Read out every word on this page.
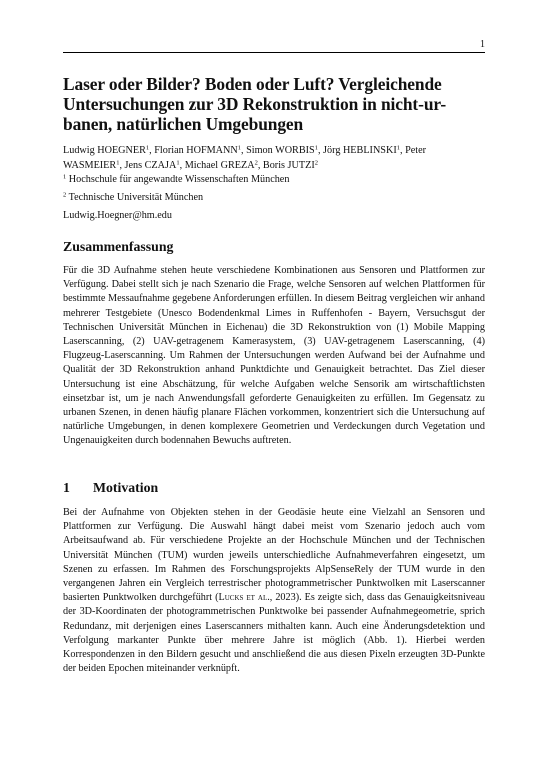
1
Laser oder Bilder? Boden oder Luft? Vergleichende Untersuchungen zur 3D Rekonstruktion in nicht-ur-banen, natürlichen Umgebungen

Ludwig HOEGNER$^1$, Florian HOFMANN$^1$, Simon WORBIS$^1$, Jörg HEBLINSKI$^1$, Peter WASMEIER$^1$, Jens CZAJA$^1$, Michael GREZA$^2$, Boris JUTZI$^2$

$^1$ Hochschule für angewandte Wissenschaften München

$^2$ Technische Universität München

Ludwig.Hoegner@hm.edu

Zusammenfassung

Für die 3D Aufnahme stehen heute verschiedene Kombinationen aus Sensoren und Plattformen zur Verfügung. Dabei stellt sich je nach Szenario die Frage, welche Sensoren auf welchen Plattformen für bestimmte Messaufnahme gegebene Anforderungen erfüllen. In diesem Beitrag vergleichen wir anhand mehrerer Testgebiete (Unesco Bodendenkmal Limes in Ruffenhofen - Bayern, Versuchsgut der Technischen Universität München in Eichenau) die 3D Rekonstruktion von (1) Mobile Mapping Laserscanning, (2) UAV-getragenem Kamerasystem, (3) UAV-getragenem Laserscanning, (4) Flugzeug-Laserscanning. Um Rahmen der Untersuchungen werden Aufwand bei der Aufnahme und Qualität der 3D Rekonstruktion anhand Punktdichte und Genauigkeit betrachtet. Das Ziel dieser Untersuchung ist eine Abschätzung, für welche Aufgaben welche Sensorik am wirtschaftlichsten einsetzbar ist, um je nach Anwendungsfall geforderte Genauigkeiten zu erfüllen. Im Gegensatz zu urbanen Szenen, in denen häufig planare Flächen vorkommen, konzentriert sich die Untersuchung auf natürliche Umgebungen, in denen komplexere Geometrien und Verdeckungen durch Vegetation und Ungenauigkeiten durch bodennahen Bewuchs auftreten.

1 Motivation

Bei der Aufnahme von Objekten stehen in der Geodäsie heute eine Vielzahl an Sensoren und Plattformen zur Verfügung. Die Auswahl hängt dabei meist vom Szenario jedoch auch vom Arbeitsaufwand ab. Für verschiedene Projekte an der Hochschule München und der Technischen Universität München (TUM) wurden jeweils unterschiedliche Aufnahmeverfahren eingesetzt, um Szenen zu erfassen. Im Rahmen des Forschungsprojekts AlpSenseRely der TUM wurde in den vergangenen Jahren ein Vergleich terrestrischer photogrammetrischer Punktwolken mit Laserscanner basierten Punktwolken durchgeführt (Lucks et al., 2023). Es zeigte sich, dass das Genauigkeitsniveau der 3D-Koordinaten der photogrammetrischen Punktwolke bei passender Aufnahmegeometrie, sprich Redundanz, mit derjenigen eines Laserscanners mithalten kann. Auch eine Änderungsdetektion und Verfolgung markanter Punkte über mehrere Jahre ist möglich (Abb. 1). Hierbei werden Korrespondenzen in den Bildern gesucht und anschließend die aus diesen Pixeln erzeugten 3D-Punkte der beiden Epochen miteinander verknüpft.
